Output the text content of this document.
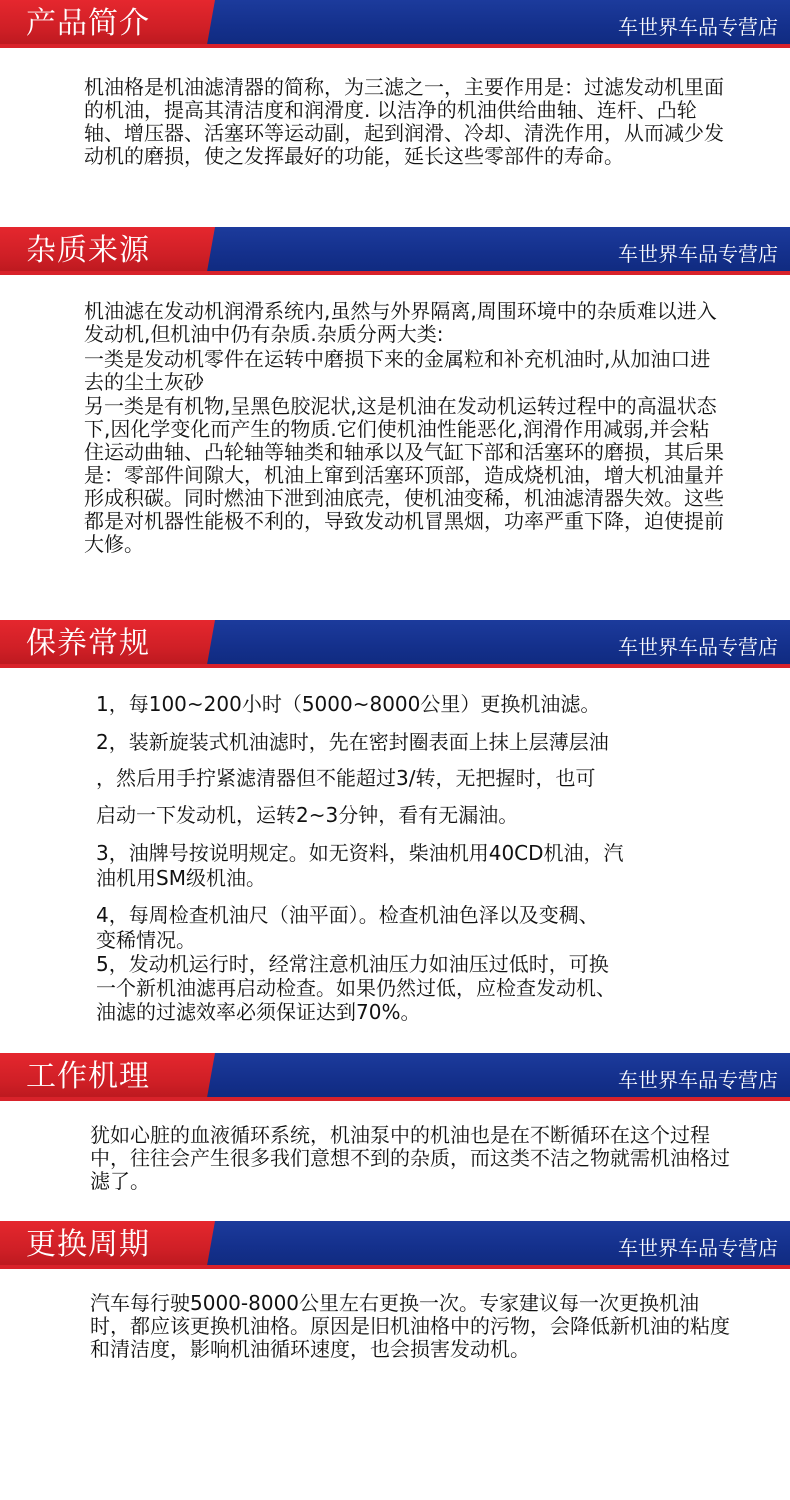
产品简介	车世界车品专营店

机油格是机油滤清器的简称，为三滤之一，主要作用是：过滤发动机里面的机油，提高其清洁度和润滑度. 以洁净的机油供给曲轴、连杆、凸轮轴、增压器、活塞环等运动副，起到润滑、冷却、清洗作用，从而减少发动机的磨损，使之发挥最好的功能，延长这些零部件的寿命。

杂质来源	车世界车品专营店

机油滤在发动机润滑系统内,虽然与外界隔离,周围环境中的杂质难以进入发动机,但机油中仍有杂质.杂质分两大类:

一类是发动机零件在运转中磨损下来的金属粒和补充机油时,从加油口进去的尘土灰砂

另一类是有机物,呈黑色胶泥状,这是机油在发动机运转过程中的高温状态下,因化学变化而产生的物质.它们使机油性能恶化,润滑作用减弱,并会粘住运动曲轴、凸轮轴等轴类和轴承以及气缸下部和活塞环的磨损，其后果是：零部件间隙大，机油上窜到活塞环顶部，造成烧机油，增大机油量并形成积碳。同时燃油下泄到油底壳，使机油变稀，机油滤清器失效。这些都是对机器性能极不利的，导致发动机冒黑烟，功率严重下降，迫使提前大修。

保养常规	车世界车品专营店
1，每100~200小时（5000~8000公里）更换机油滤。
2，装新旋装式机油滤时，先在密封圈表面上抹上层薄层油
，然后用手拧紧滤清器但不能超过3/转，无把握时，也可
启动一下发动机，运转2~3分钟，看有无漏油。
3，油牌号按说明规定。如无资料，柴油机用40CD机油，汽
油机用SM级机油。
4，每周检查机油尺（油平面）。检查机油色泽以及变稠、
变稀情况。
5，发动机运行时，经常注意机油压力如油压过低时，可换
一个新机油滤再启动检查。如果仍然过低，应检查发动机、
油滤的过滤效率必须保证达到70%。
工作机理	车世界车品专营店

犹如心脏的血液循环系统，机油泵中的机油也是在不断循环在这个过程中，往往会产生很多我们意想不到的杂质，而这类不洁之物就需机油格过滤了。

更换周期	车世界车品专营店

汽车每行驶5000-8000公里左右更换一次。专家建议每一次更换机油时，都应该更换机油格。原因是旧机油格中的污物，会降低新机油的粘度和清洁度，影响机油循环速度，也会损害发动机。
